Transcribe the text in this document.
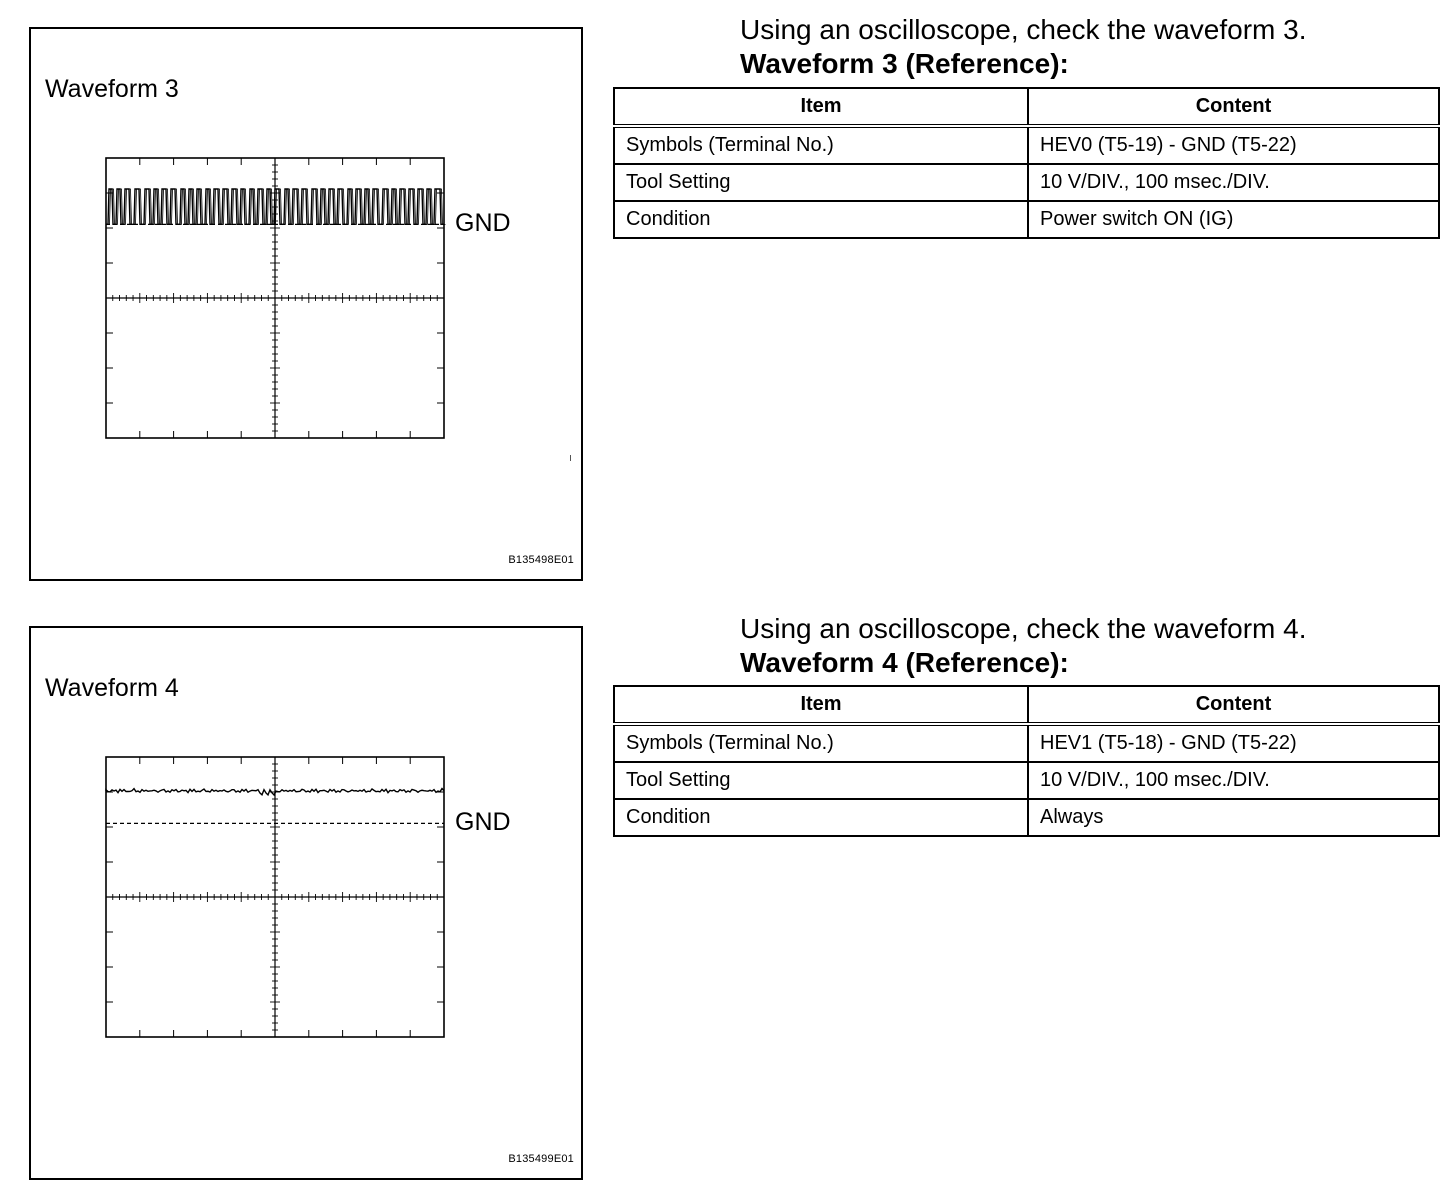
Waveform 3
GND
B135498E01
Using an oscilloscope, check the waveform 3.
Waveform 3 (Reference):
Item	Content
Symbols (Terminal No.)	HEV0 (T5-19) - GND (T5-22)
Tool Setting	10 V/DIV., 100 msec./DIV.
Condition	Power switch ON (IG)
Waveform 4
GND
B135499E01
Using an oscilloscope, check the waveform 4.
Waveform 4 (Reference):
Item	Content
Symbols (Terminal No.)	HEV1 (T5-18) - GND (T5-22)
Tool Setting	10 V/DIV., 100 msec./DIV.
Condition	Always
